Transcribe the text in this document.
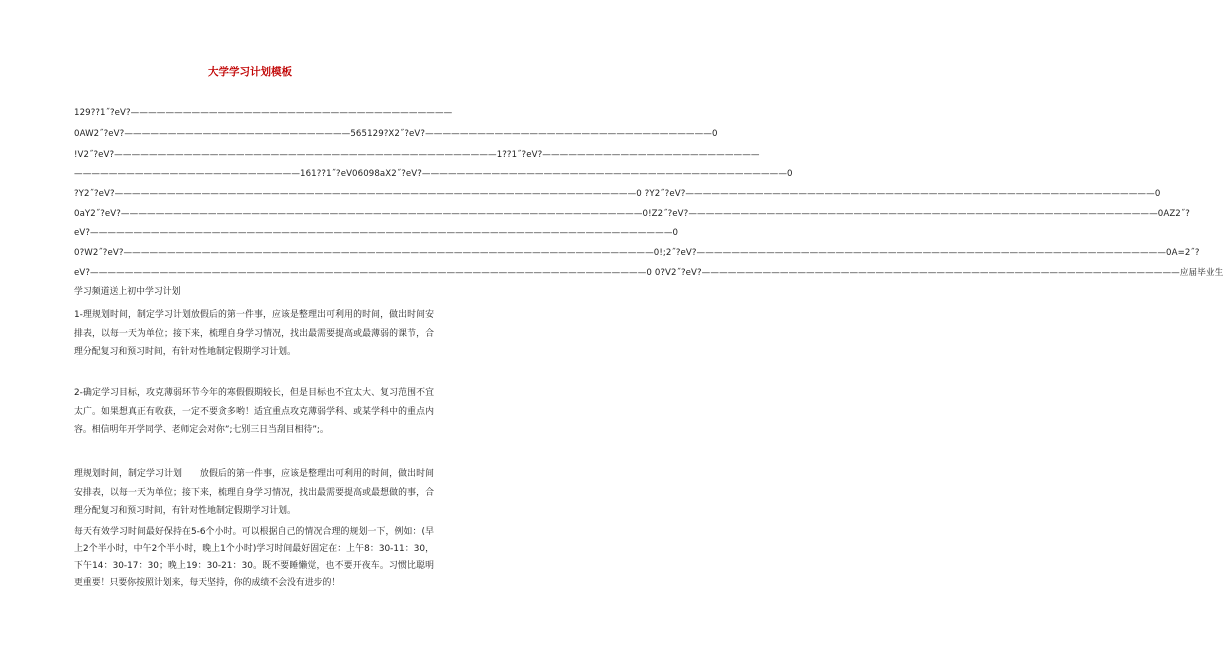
大学学习计划模板
129??1˝?eV?—————————————————————————————————————
0AW2˝?eV?——————————————————————————565129?X2˝?eV?—————————————————————————————————0
!V2˝?eV?————————————————————————————————————————————1??1˝?eV?—————————————————————————
——————————————————————————161??1˝?eV06098aX2˝?eV?——————————————————————————————————————————0
?Y2˝?eV?————————————————————————————————————————————————————————————0 ?Y2˝?eV?——————————————————————————————————————————————————————0
0aY2˝?eV?————————————————————————————————————————————————————————————0!Z2˝?eV?——————————————————————————————————————————————————————0AZ2˝?
eV?———————————————————————————————————————————————————————————————————0
0?W2˝?eV?—————————————————————————————————————————————————————————————0!;2˝?eV?——————————————————————————————————————————————————————0A=2˝?
eV?————————————————————————————————————————————————————————————————0 0?V2˝?eV?———————————————————————————————————————————————————————应届毕业生
学习频道送上初中学习计划
1-理规划时间，制定学习计划放假后的第一件事，应该是整理出可利用的时间，做出时间安排表，以每一天为单位；接下来，梳理自身学习情况，找出最需要提高或最薄弱的课节，合理分配复习和预习时间，有针对性地制定假期学习计划。
2-确定学习目标，攻克薄弱环节今年的寒假假期较长，但是目标也不宜太大、复习范围不宜太广。如果想真正有收获，一定不要贪多哟！适宜重点攻克薄弱学科、或某学科中的重点内容。相信明年开学同学、老师定会对你”;七别三日当刮目相待”;。
理规划时间，制定学习计划　　放假后的第一件事，应该是整理出可利用的时间，做出时间安排表，以每一天为单位；接下来，梳理自身学习情况，找出最需要提高或最想做的事，合理分配复习和预习时间，有针对性地制定假期学习计划。
每天有效学习时间最好保持在5-6个小时。可以根据自己的情况合理的规划一下，例如：(早上2个半小时，中午2个半小时，晚上1个小时)学习时间最好固定在：上午8：30-11：30，下午14：30-17：30；晚上19：30-21：30。既不要睡懒觉，也不要开夜车。习惯比聪明更重要！只要你按照计划来，每天坚持，你的成绩不会没有进步的！
